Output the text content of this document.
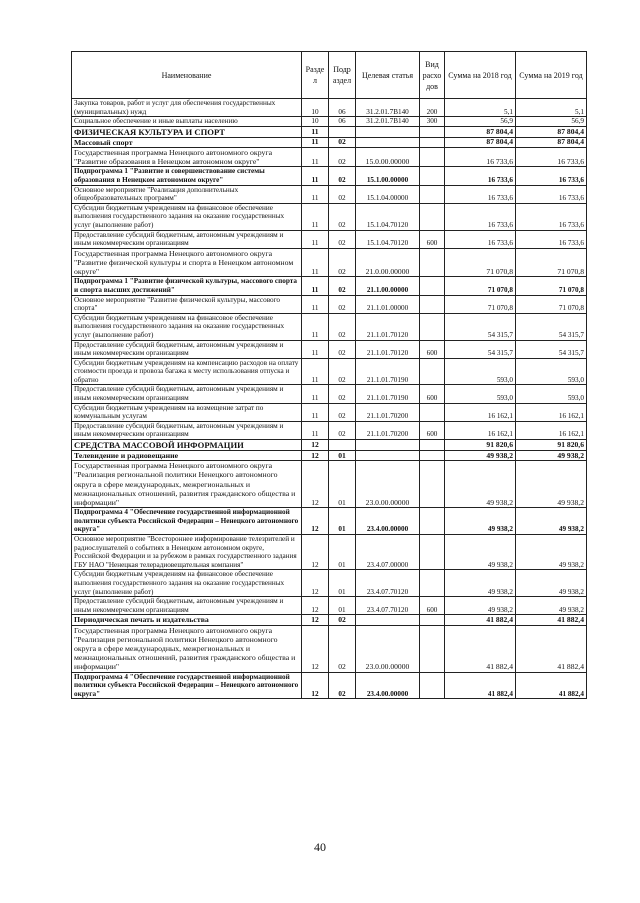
Наименование	Разде л	Подр аздел	Целевая статья	Вид расхо дов	Сумма на 2018 год	Сумма на 2019 год
Закупка товаров, работ и услуг для обеспечения государственных (муниципальных) нужд	10	06	31.2.01.7В140	200	5,1	5,1
Социальное обеспечение и иные выплаты населению	10	06	31.2.01.7В140	300	56,9	56,9
ФИЗИЧЕСКАЯ КУЛЬТУРА И СПОРТ	11				87 804,4	87 804,4
Массовый спорт	11	02			87 804,4	87 804,4
Государственная программа Ненецкого автономного округа "Развитие образования в Ненецком автономном округе"	11	02	15.0.00.00000		16 733,6	16 733,6
Подпрограмма 1 "Развитие и совершенствование системы образования в Ненецком автономном округе"	11	02	15.1.00.00000		16 733,6	16 733,6
Основное мероприятие "Реализация дополнительных общеобразовательных программ"	11	02	15.1.04.00000		16 733,6	16 733,6
Субсидии бюджетным учреждениям на финансовое обеспечение выполнения государственного задания на оказание государственных услуг (выполнение работ)	11	02	15.1.04.70120		16 733,6	16 733,6
Предоставление субсидий бюджетным, автономным учреждениям и иным некоммерческим организациям	11	02	15.1.04.70120	600	16 733,6	16 733,6
Государственная программа Ненецкого автономного округа "Развитие физической культуры и спорта в Ненецком автономном округе"	11	02	21.0.00.00000		71 070,8	71 070,8
Подпрограмма 1 "Развитие физической культуры, массового спорта и спорта высших достижений"	11	02	21.1.00.00000		71 070,8	71 070,8
Основное мероприятие "Развитие физической культуры, массового спорта"	11	02	21.1.01.00000		71 070,8	71 070,8
Субсидии бюджетным учреждениям на финансовое обеспечение выполнения государственного задания на оказание государственных услуг (выполнение работ)	11	02	21.1.01.70120		54 315,7	54 315,7
Предоставление субсидий бюджетным, автономным учреждениям и иным некоммерческим организациям	11	02	21.1.01.70120	600	54 315,7	54 315,7
Субсидии бюджетным учреждениям на компенсацию расходов на оплату стоимости проезда и провоза багажа к месту использования отпуска и обратно	11	02	21.1.01.70190		593,0	593,0
Предоставление субсидий бюджетным, автономным учреждениям и иным некоммерческим организациям	11	02	21.1.01.70190	600	593,0	593,0
Субсидии бюджетным учреждениям на возмещение затрат по коммунальным услугам	11	02	21.1.01.70200		16 162,1	16 162,1
Предоставление субсидий бюджетным, автономным учреждениям и иным некоммерческим организациям	11	02	21.1.01.70200	600	16 162,1	16 162,1
СРЕДСТВА МАССОВОЙ ИНФОРМАЦИИ	12				91 820,6	91 820,6
Телевидение и радиовещание	12	01			49 938,2	49 938,2
Государственная программа Ненецкого автономного округа "Реализация региональной политики Ненецкого автономного округа в сфере международных, межрегиональных и межнациональных отношений, развития гражданского общества и информации"	12	01	23.0.00.00000		49 938,2	49 938,2
Подпрограмма 4 "Обеспечение государственной информационной политики субъекта Российской Федерации – Ненецкого автономного округа"	12	01	23.4.00.00000		49 938,2	49 938,2
Основное мероприятие "Всестороннее информирование телезрителей и радиослушателей о событиях в Ненецком автономном округе, Российской Федерации и за рубежом в рамках государственного задания ГБУ НАО "Ненецкая телерадиовещательная компания"	12	01	23.4.07.00000		49 938,2	49 938,2
Субсидии бюджетным учреждениям на финансовое обеспечение выполнения государственного задания на оказание государственных услуг (выполнение работ)	12	01	23.4.07.70120		49 938,2	49 938,2
Предоставление субсидий бюджетным, автономным учреждениям и иным некоммерческим организациям	12	01	23.4.07.70120	600	49 938,2	49 938,2
Периодическая печать и издательства	12	02			41 882,4	41 882,4
Государственная программа Ненецкого автономного округа "Реализация региональной политики Ненецкого автономного округа в сфере международных, межрегиональных и межнациональных отношений, развития гражданского общества и информации"	12	02	23.0.00.00000		41 882,4	41 882,4
Подпрограмма 4 "Обеспечение государственной информационной политики субъекта Российской Федерации – Ненецкого автономного округа"	12	02	23.4.00.00000		41 882,4	41 882,4
40
